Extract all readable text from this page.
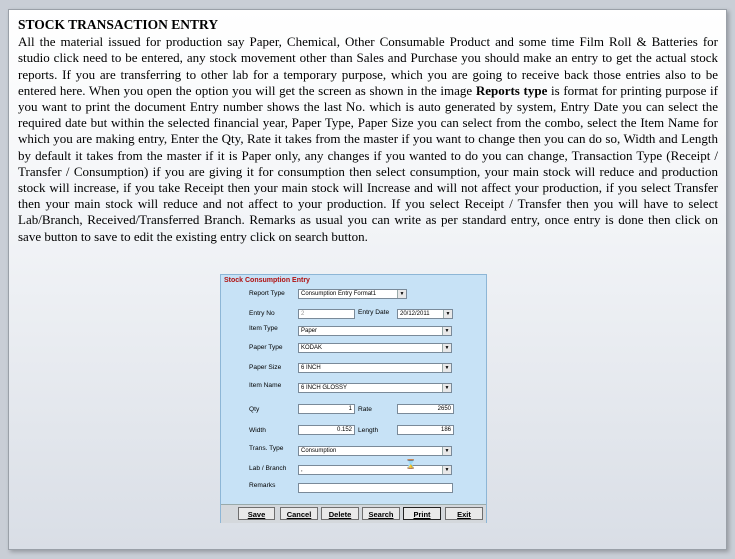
STOCK TRANSACTION ENTRY

All the material issued for production say Paper, Chemical, Other Consumable Product and some time Film Roll & Batteries for studio click need to be entered, any stock movement other than Sales and Purchase you should make an entry to get the actual stock reports. If you are transferring to other lab for a temporary purpose, which you are going to receive back those entries also to be entered here. When you open the option you will get the screen as shown in the image Reports type is format for printing purpose if you want to print the document Entry number shows the last No. which is auto generated by system, Entry Date you can select the required date but within the selected financial year, Paper Type, Paper Size you can select from the combo, select the Item Name for which you are making entry, Enter the Qty, Rate it takes from the master if you want to change then you can do so, Width and Length by default it takes from the master if it is Paper only, any changes if you wanted to do you can change, Transaction Type (Receipt / Transfer / Consumption) if you are giving it for consumption then select consumption, your main stock will reduce and production stock will increase, if you take Receipt then your main stock will Increase and will not affect your production, if you select Transfer then your main stock will reduce and not affect to your production. If you select Receipt / Transfer then you will have to select Lab/Branch, Received/Transferred Branch. Remarks as usual you can write as per standard entry, once entry is done then click on save button to save to edit the existing entry click on search button.

Stock Consumption Entry
Report Type	Consumption Entry Format1	▼
Entry No	2	Entry Date	20/12/2011	▼
Item Type	Paper	▼
Paper Type	KODAK	▼
Paper Size	6 INCH	▼
Item Name	6 INCH GLOSSY	▼
Qty	1 Rate	2650
Width	0.152 Length	186
Trans. Type	Consumption	▼
Lab / Branch	,	▼
Remarks
Save	Cancel	Delete	Search	Print	Exit
⌛
